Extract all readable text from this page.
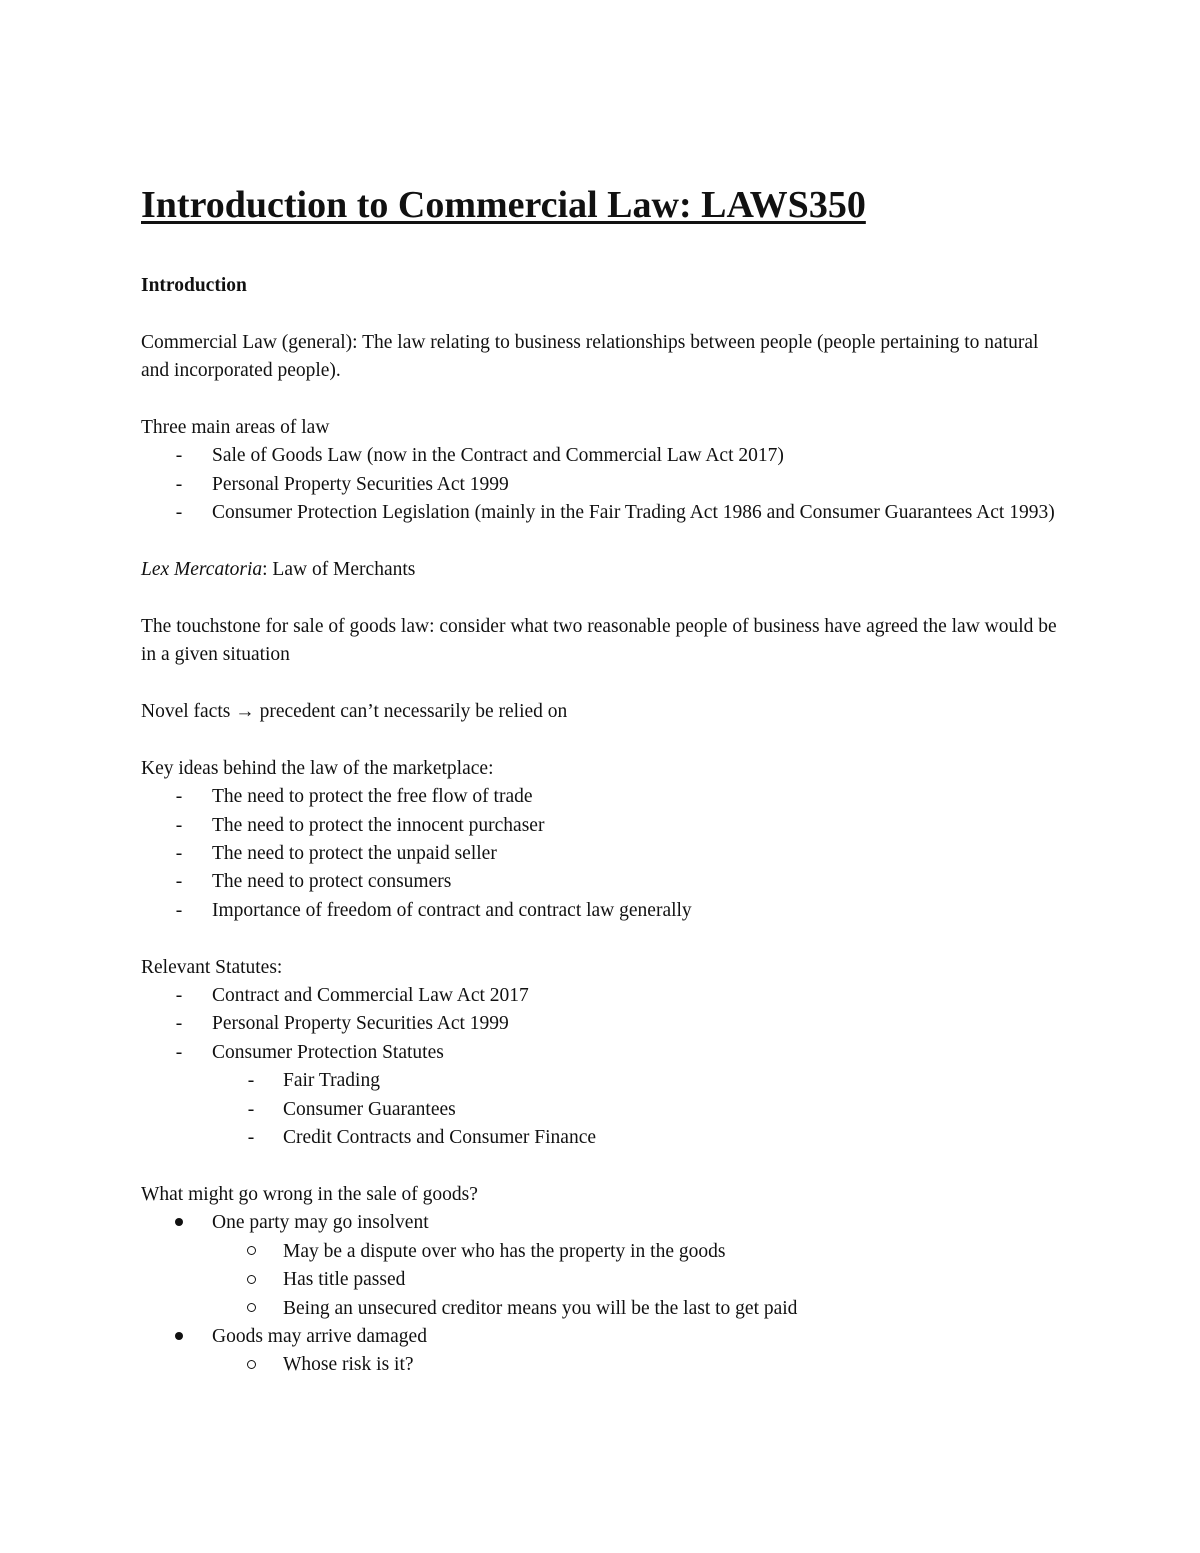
Introduction to Commercial Law: LAWS350

Introduction

Commercial Law (general): The law relating to business relationships between people (people pertaining to natural and incorporated people).

Three main areas of law

-	Sale of Goods Law (now in the Contract and Commercial Law Act 2017)
-	Personal Property Securities Act 1999
-	Consumer Protection Legislation (mainly in the Fair Trading Act 1986 and Consumer Guarantees Act 1993)

Lex Mercatoria: Law of Merchants

The touchstone for sale of goods law: consider what two reasonable people of business have agreed the law would be in a given situation

Novel facts → precedent can’t necessarily be relied on

Key ideas behind the law of the marketplace:

-	The need to protect the free flow of trade
-	The need to protect the innocent purchaser
-	The need to protect the unpaid seller
-	The need to protect consumers
-	Importance of freedom of contract and contract law generally

Relevant Statutes:

-	Contract and Commercial Law Act 2017
-	Personal Property Securities Act 1999
-	Consumer Protection Statutes
-	Fair Trading
-	Consumer Guarantees
-	Credit Contracts and Consumer Finance

What might go wrong in the sale of goods?

One party may go insolvent
May be a dispute over who has the property in the goods
Has title passed
Being an unsecured creditor means you will be the last to get paid
Goods may arrive damaged
Whose risk is it?
